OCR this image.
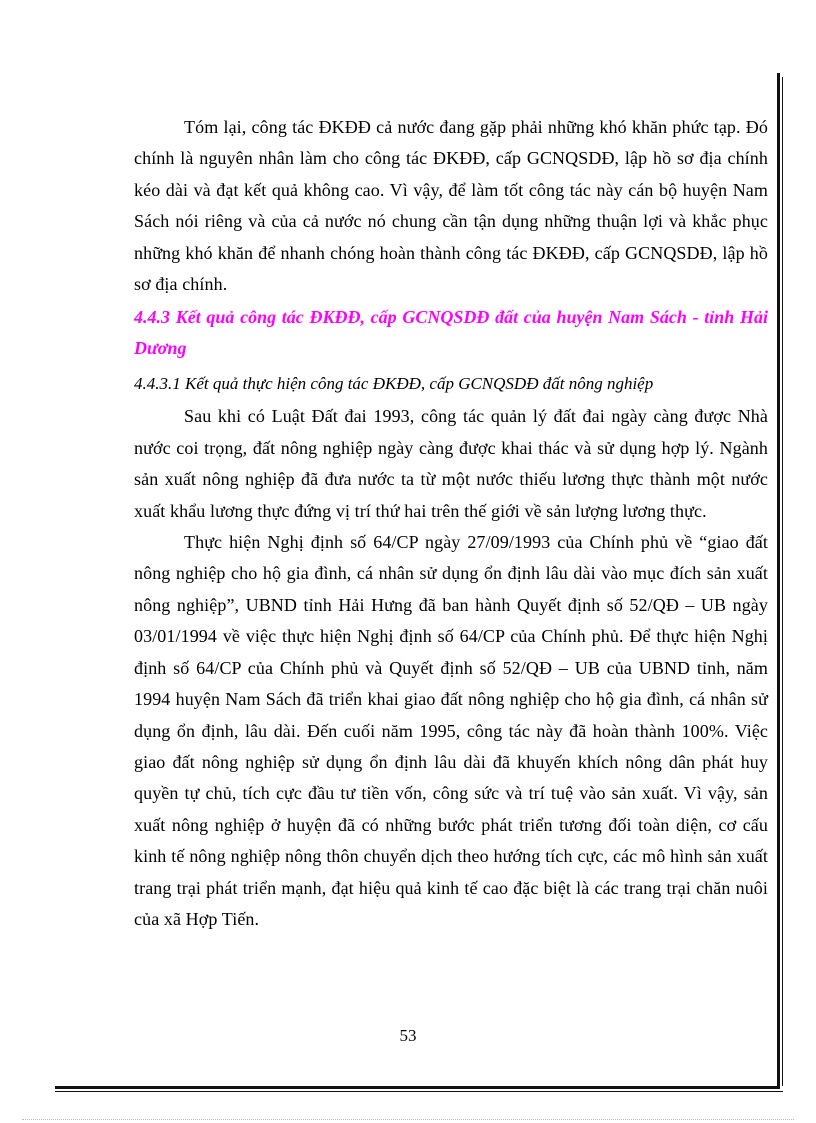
Tóm lại, công tác ĐKĐĐ cả nước đang gặp phải những khó khăn phức tạp. Đó chính là nguyên nhân làm cho công tác ĐKĐĐ, cấp GCNQSDĐ, lập hồ sơ địa chính kéo dài và đạt kết quả không cao. Vì vậy, để làm tốt công tác này cán bộ huyện Nam Sách nói riêng và của cả nước nó chung cần tận dụng những thuận lợi và khắc phục những khó khăn để nhanh chóng hoàn thành công tác ĐKĐĐ, cấp GCNQSDĐ, lập hồ sơ địa chính.

4.4.3 Kết quả công tác ĐKĐĐ, cấp GCNQSDĐ đất của huyện Nam Sách - tỉnh Hải Dương

4.4.3.1 Kết quả thực hiện công tác ĐKĐĐ, cấp GCNQSDĐ đất nông nghiệp

Sau khi có Luật Đất đai 1993, công tác quản lý đất đai ngày càng được Nhà nước coi trọng, đất nông nghiệp ngày càng được khai thác và sử dụng hợp lý. Ngành sản xuất nông nghiệp đã đưa nước ta từ một nước thiếu lương thực thành một nước xuất khẩu lương thực đứng vị trí thứ hai trên thế giới về sản lượng lương thực.

Thực hiện Nghị định số 64/CP ngày 27/09/1993 của Chính phủ về “giao đất nông nghiệp cho hộ gia đình, cá nhân sử dụng ổn định lâu dài vào mục đích sản xuất nông nghiệp”, UBND tỉnh Hải Hưng đã ban hành Quyết định số 52/QĐ – UB ngày 03/01/1994 về việc thực hiện Nghị định số 64/CP của Chính phủ. Để thực hiện Nghị định số 64/CP của Chính phủ và Quyết định số 52/QĐ – UB của UBND tỉnh, năm 1994 huyện Nam Sách đã triển khai giao đất nông nghiệp cho hộ gia đình, cá nhân sử dụng ổn định, lâu dài. Đến cuối năm 1995, công tác này đã hoàn thành 100%. Việc giao đất nông nghiệp sử dụng ổn định lâu dài đã khuyến khích nông dân phát huy quyền tự chủ, tích cực đầu tư tiền vốn, công sức và trí tuệ vào sản xuất. Vì vậy, sản xuất nông nghiệp ở huyện đã có những bước phát triển tương đối toàn diện, cơ cấu kinh tế nông nghiệp nông thôn chuyển dịch theo hướng tích cực, các mô hình sản xuất trang trại phát triển mạnh, đạt hiệu quả kinh tế cao đặc biệt là các trang trại chăn nuôi của xã Hợp Tiến.

53
